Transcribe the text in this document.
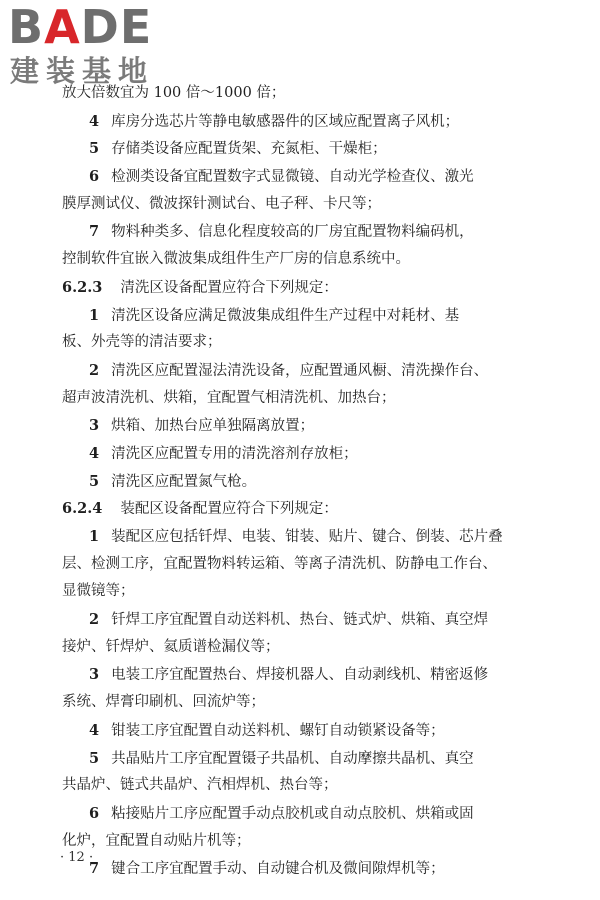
BADE
建装基地
放大倍数宜为 100 倍～1000 倍；
4 库房分选芯片等静电敏感器件的区域应配置离子风机；
5 存储类设备应配置货架、充氮柜、干燥柜；
6 检测类设备宜配置数字式显微镜、自动光学检查仪、激光
膜厚测试仪、微波探针测试台、电子秤、卡尺等；
7 物料种类多、信息化程度较高的厂房宜配置物料编码机，
控制软件宜嵌入微波集成组件生产厂房的信息系统中。
6.2.3 清洗区设备配置应符合下列规定：
1 清洗区设备应满足微波集成组件生产过程中对耗材、基
板、外壳等的清洁要求；
2 清洗区应配置湿法清洗设备，应配置通风橱、清洗操作台、
超声波清洗机、烘箱，宜配置气相清洗机、加热台；
3 烘箱、加热台应单独隔离放置；
4 清洗区应配置专用的清洗溶剂存放柜；
5 清洗区应配置氮气枪。
6.2.4 装配区设备配置应符合下列规定：
1 装配区应包括钎焊、电装、钳装、贴片、键合、倒装、芯片叠
层、检测工序，宜配置物料转运箱、等离子清洗机、防静电工作台、
显微镜等；
2 钎焊工序宜配置自动送料机、热台、链式炉、烘箱、真空焊
接炉、钎焊炉、氦质谱检漏仪等；
3 电装工序宜配置热台、焊接机器人、自动剥线机、精密返修
系统、焊膏印刷机、回流炉等；
4 钳装工序宜配置自动送料机、螺钉自动锁紧设备等；
5 共晶贴片工序宜配置镊子共晶机、自动摩擦共晶机、真空
共晶炉、链式共晶炉、汽相焊机、热台等；
6 粘接贴片工序应配置手动点胶机或自动点胶机、烘箱或固
化炉，宜配置自动贴片机等；
7 键合工序宜配置手动、自动键合机及微间隙焊机等；
· 12 ·
